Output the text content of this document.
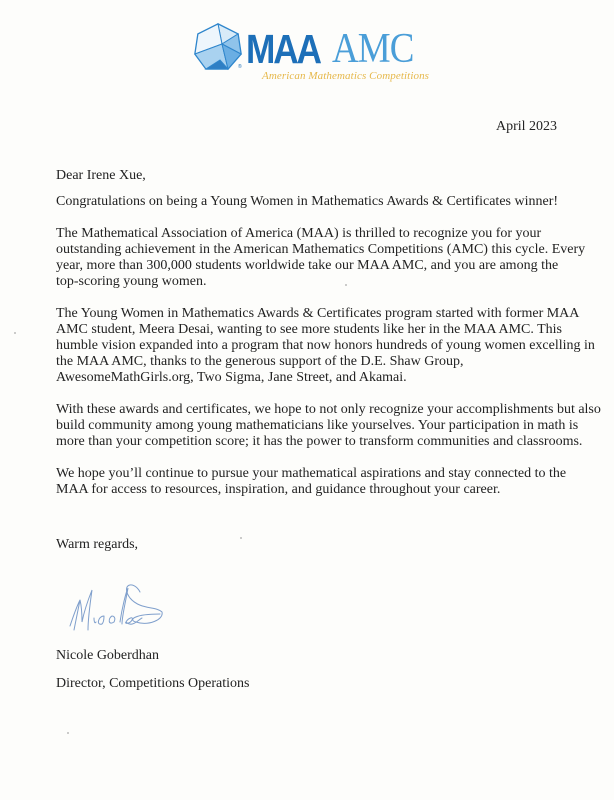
® MAA AMC
American Mathematics Competitions
April 2023
Dear Irene Xue,
Congratulations on being a Young Women in Mathematics Awards & Certificates winner!
The Mathematical Association of America (MAA) is thrilled to recognize you for your
outstanding achievement in the American Mathematics Competitions (AMC) this cycle. Every
year, more than 300,000 students worldwide take our MAA AMC, and you are among the
top-scoring young women.
The Young Women in Mathematics Awards & Certificates program started with former MAA
AMC student, Meera Desai, wanting to see more students like her in the MAA AMC. This
humble vision expanded into a program that now honors hundreds of young women excelling in
the MAA AMC, thanks to the generous support of the D.E. Shaw Group,
AwesomeMathGirls.org, Two Sigma, Jane Street, and Akamai.
With these awards and certificates, we hope to not only recognize your accomplishments but also
build community among young mathematicians like yourselves. Your participation in math is
more than your competition score; it has the power to transform communities and classrooms.
We hope you’ll continue to pursue your mathematical aspirations and stay connected to the
MAA for access to resources, inspiration, and guidance throughout your career.
Warm regards,
Nicole Goberdhan
Director, Competitions Operations
